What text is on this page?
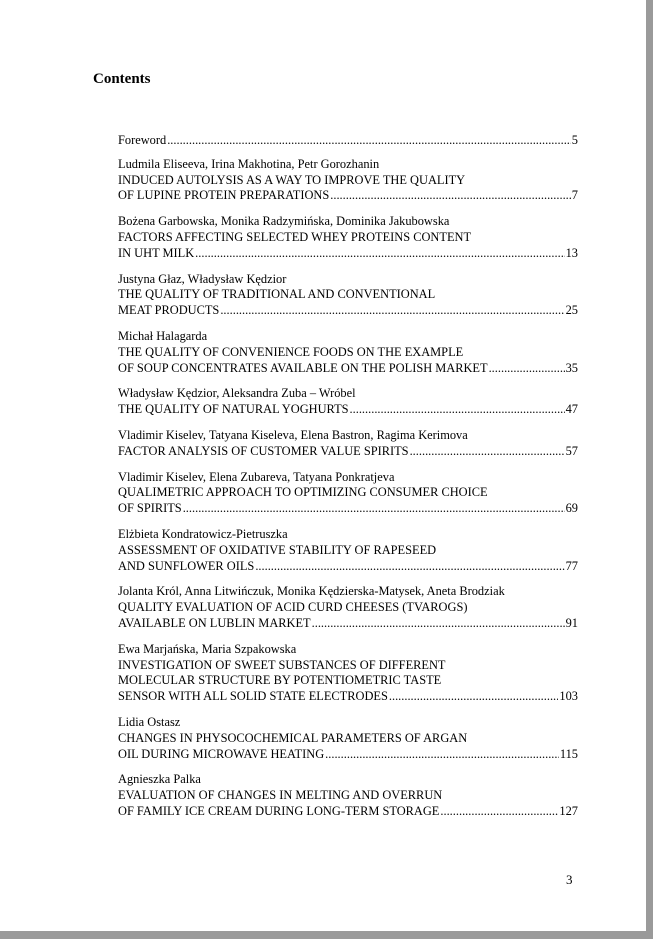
Contents
Foreword .....	5
Ludmila Eliseeva, Irina Makhotina, Petr Gorozhanin
INDUCED AUTOLYSIS AS A WAY TO IMPROVE THE QUALITY
OF LUPINE PROTEIN PREPARATIONS .....	7
Bożena Garbowska, Monika Radzymińska, Dominika Jakubowska
FACTORS AFFECTING SELECTED WHEY PROTEINS CONTENT
IN UHT MILK .....	13
Justyna Głaz, Władysław Kędzior
THE QUALITY OF TRADITIONAL AND CONVENTIONAL
MEAT PRODUCTS .....	25
Michał Halagarda
THE QUALITY OF CONVENIENCE FOODS ON THE EXAMPLE
OF SOUP CONCENTRATES AVAILABLE ON THE POLISH MARKET .....	35
Władysław Kędzior, Aleksandra Zuba – Wróbel
THE QUALITY OF NATURAL YOGHURTS .....	47
Vladimir Kiselev, Tatyana Kiseleva, Elena Bastron, Ragima Kerimova
FACTOR ANALYSIS OF CUSTOMER VALUE SPIRITS .....	57
Vladimir Kiselev, Elena Zubareva, Tatyana Ponkratjeva
QUALIMETRIC APPROACH TO OPTIMIZING CONSUMER CHOICE
OF SPIRITS .....	69
Elżbieta Kondratowicz-Pietruszka
ASSESSMENT OF OXIDATIVE STABILITY OF RAPESEED
AND SUNFLOWER OILS .....	77
Jolanta Król, Anna Litwińczuk, Monika Kędzierska-Matysek, Aneta Brodziak
QUALITY EVALUATION OF ACID CURD CHEESES (TVAROGS)
AVAILABLE ON LUBLIN MARKET .....	91
Ewa Marjańska, Maria Szpakowska
INVESTIGATION OF SWEET SUBSTANCES OF DIFFERENT
MOLECULAR STRUCTURE BY POTENTIOMETRIC TASTE
SENSOR WITH ALL SOLID STATE ELECTRODES .....	103
Lidia Ostasz
CHANGES IN PHYSOCOCHEMICAL PARAMETERS OF ARGAN
OIL DURING MICROWAVE HEATING .....	115
Agnieszka Palka
EVALUATION OF CHANGES IN MELTING AND OVERRUN
OF FAMILY ICE CREAM DURING LONG-TERM STORAGE .....	127
3
